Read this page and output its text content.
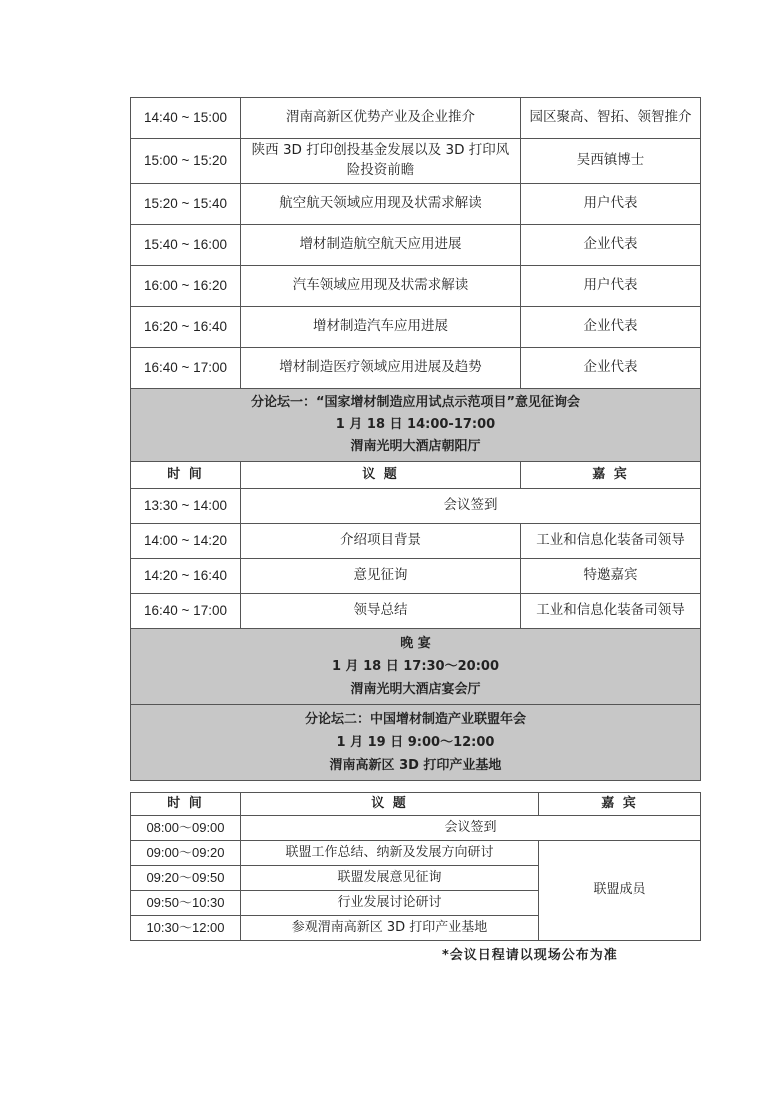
14:40 ~ 15:00	渭南高新区优势产业及企业推介	园区聚高、智拓、领智推介
15:00 ~ 15:20	陕西 3D 打印创投基金发展以及 3D 打印风险投资前瞻	吴西镇博士
15:20 ~ 15:40	航空航天领域应用现及状需求解读	用户代表
15:40 ~ 16:00	增材制造航空航天应用进展	企业代表
16:00 ~ 16:20	汽车领域应用现及状需求解读	用户代表
16:20 ~ 16:40	增材制造汽车应用进展	企业代表
16:40 ~ 17:00	增材制造医疗领域应用进展及趋势	企业代表

分论坛一：“国家增材制造应用试点示范项目”意见征询会
1 月 18 日 14:00-17:00
渭南光明大酒店朝阳厅		

时 间	议 题	嘉 宾
13:30 ~ 14:00	会议签到	
14:00 ~ 14:20	介绍项目背景	工业和信息化装备司领导
14:20 ~ 16:40	意见征询	特邀嘉宾
16:40 ~ 17:00	领导总结	工业和信息化装备司领导

晚 宴
1 月 18 日 17:30～20:00
渭南光明大酒店宴会厅		

分论坛二：中国增材制造产业联盟年会
1 月 19 日 9:00～12:00
渭南高新区 3D 打印产业基地		
时 间	议 题	嘉 宾
08:00～09:00	会议签到	
09:00～09:20	联盟工作总结、纳新及发展方向研讨	联盟成员
09:20～09:50	联盟发展意见征询	
09:50～10:30	行业发展讨论研讨	
10:30～12:00	参观渭南高新区 3D 打印产业基地	
*会议日程请以现场公布为准
